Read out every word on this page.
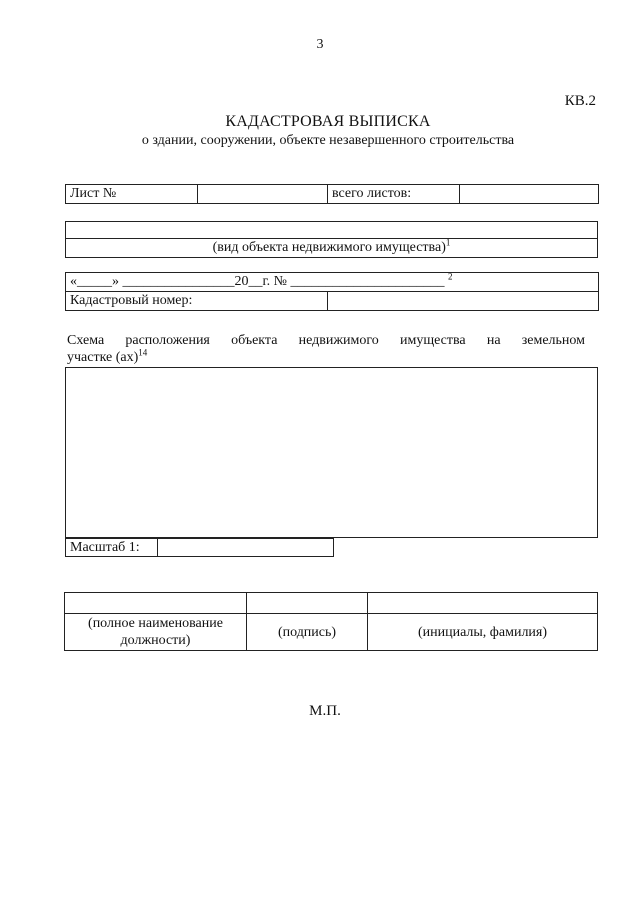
3
КВ.2
КАДАСТРОВАЯ ВЫПИСКА
о здании, сооружении, объекте незавершенного строительства
Лист №		всего листов:	

(вид объекта недвижимого имущества)$^1$
«_____» ________________20__г. № ______________________ $^2$
Кадастровый номер:	
Схема расположения объекта недвижимого имущества на земельном
участке (ах)$^{14}$
Масштаб 1:	

(полное наименование должности)	(подпись)	(инициалы, фамилия)
М.П.
